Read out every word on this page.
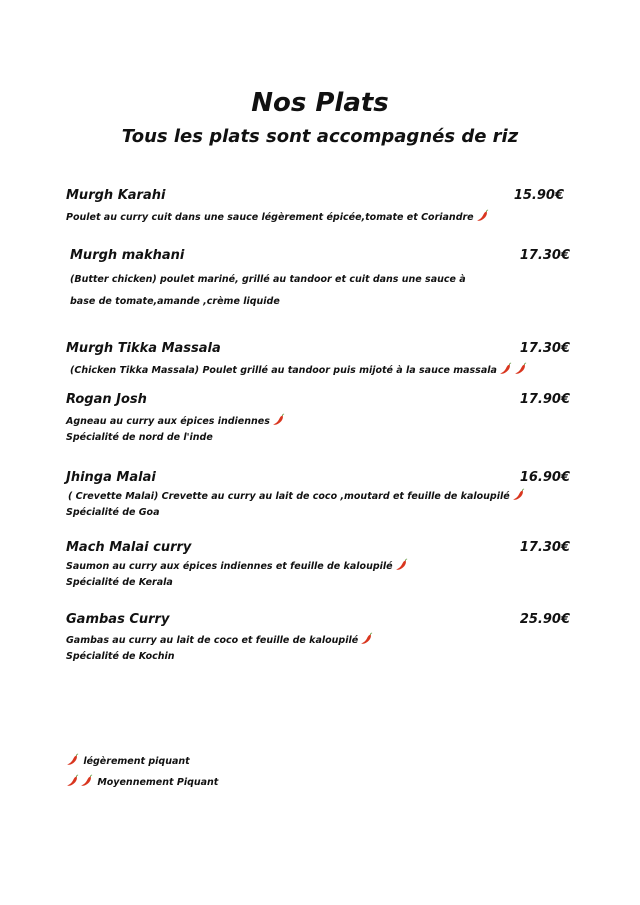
Nos Plats
Tous les plats sont accompagnés de riz
Murgh Karahi	15.90€
Poulet au curry cuit dans une sauce légèrement épicée,tomate et Coriandre
Murgh makhani	17.30€
(Butter chicken) poulet mariné, grillé au tandoor et cuit dans une sauce à
base de tomate,amande ,crème liquide
Murgh Tikka Massala	17.30€
(Chicken Tikka Massala) Poulet grillé au tandoor puis mijoté à la sauce massala
Rogan Josh	17.90€
Agneau au curry aux épices indiennes
Spécialité de nord de l'inde
Jhinga Malai	16.90€
( Crevette Malai) Crevette au curry au lait de coco ,moutard et feuille de kaloupilé
Spécialité de Goa
Mach Malai curry	17.30€
Saumon au curry aux épices indiennes et feuille de kaloupilé
Spécialité de Kerala
Gambas Curry	25.90€
Gambas au curry au lait de coco et feuille de kaloupilé
Spécialité de Kochin
légèrement piquant
Moyennement Piquant
